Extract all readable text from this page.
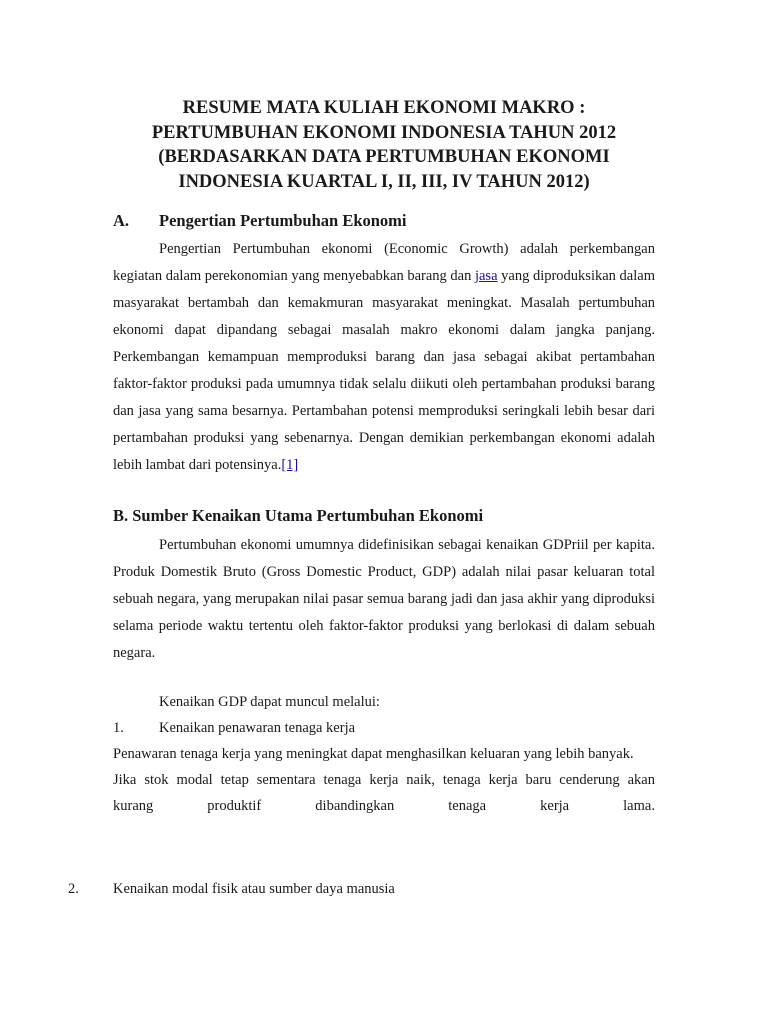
RESUME MATA KULIAH EKONOMI MAKRO :
PERTUMBUHAN EKONOMI INDONESIA TAHUN 2012
(BERDASARKAN DATA PERTUMBUHAN EKONOMI
INDONESIA KUARTAL I, II, III, IV TAHUN 2012)
A. Pengertian Pertumbuhan Ekonomi

Pengertian Pertumbuhan ekonomi (Economic Growth) adalah perkembangan kegiatan dalam perekonomian yang menyebabkan barang dan jasa yang diproduksikan dalam masyarakat bertambah dan kemakmuran masyarakat meningkat. Masalah pertumbuhan ekonomi dapat dipandang sebagai masalah makro ekonomi dalam jangka panjang. Perkembangan kemampuan memproduksi barang dan jasa sebagai akibat pertambahan faktor-faktor produksi pada umumnya tidak selalu diikuti oleh pertambahan produksi barang dan jasa yang sama besarnya. Pertambahan potensi memproduksi seringkali lebih besar dari pertambahan produksi yang sebenarnya. Dengan demikian perkembangan ekonomi adalah lebih lambat dari potensinya.[1]

B. Sumber Kenaikan Utama Pertumbuhan Ekonomi

Pertumbuhan ekonomi umumnya didefinisikan sebagai kenaikan GDPriil per kapita. Produk Domestik Bruto (Gross Domestic Product, GDP) adalah nilai pasar keluaran total sebuah negara, yang merupakan nilai pasar semua barang jadi dan jasa akhir yang diproduksi selama periode waktu tertentu oleh faktor-faktor produksi yang berlokasi di dalam sebuah negara.

Kenaikan GDP dapat muncul melalui:
1. Kenaikan penawaran tenaga kerja
Penawaran tenaga kerja yang meningkat dapat menghasilkan keluaran yang lebih banyak.
Jika stok modal tetap sementara tenaga kerja naik, tenaga kerja baru cenderung akan
kurang	produktif	dibandingkan	tenaga	kerja	lama.
2. Kenaikan modal fisik atau sumber daya manusia
